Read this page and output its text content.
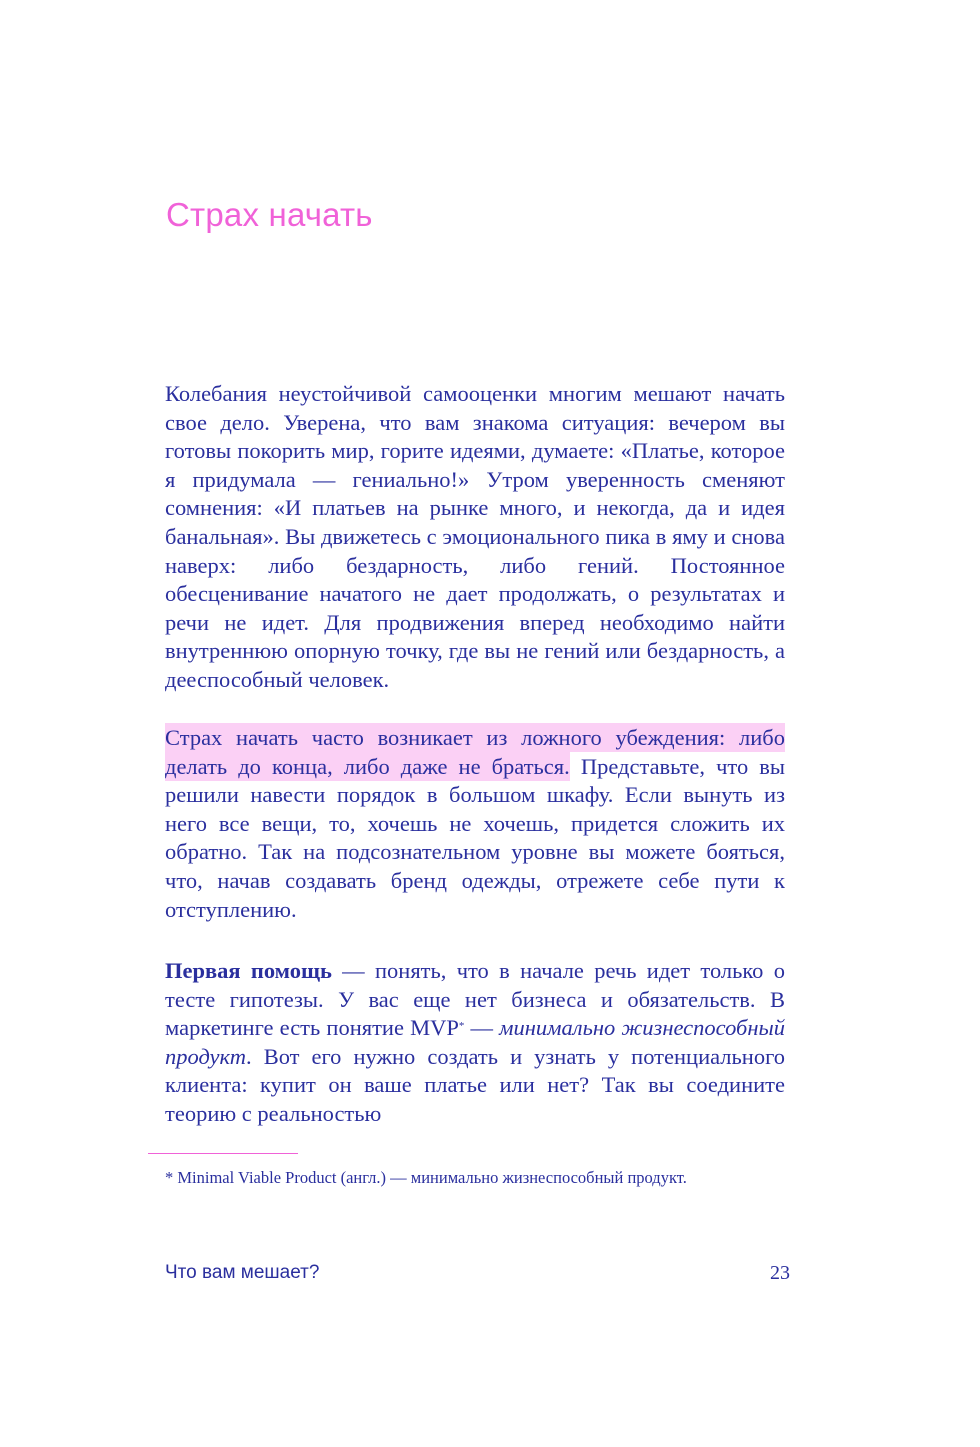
Страх начать
Колебания неустойчивой самооценки многим мешают начать свое дело. Уверена, что вам знакома ситуация: вечером вы готовы покорить мир, горите идеями, думаете: «Платье, которое я придумала — гениально!» Утром уверенность сменяют сомнения: «И платьев на рынке много, и некогда, да и идея банальная». Вы движетесь с эмоционального пика в яму и снова наверх: либо бездарность, либо гений. Постоянное обесценивание начатого не дает продолжать, о результатах и речи не идет. Для продвижения вперед необходимо найти внутреннюю опорную точку, где вы не гений или бездарность, а дееспособный человек.
Страх начать часто возникает из ложного убеждения: либо делать до конца, либо даже не браться. Представьте, что вы решили навести порядок в большом шкафу. Если вынуть из него все вещи, то, хочешь не хочешь, придется сложить их обратно. Так на подсознательном уровне вы можете бояться, что, начав создавать бренд одежды, отрежете себе пути к отступлению.
Первая помощь — понять, что в начале речь идет только о тесте гипотезы. У вас еще нет бизнеса и обязательств. В маркетинге есть понятие MVP* — минимально жизнеспособный продукт. Вот его нужно создать и узнать у потенциального клиента: купит он ваше платье или нет? Так вы соедините теорию с реальностью
* Minimal Viable Product (англ.) — минимально жизнеспособный продукт.
Что вам мешает?	23
